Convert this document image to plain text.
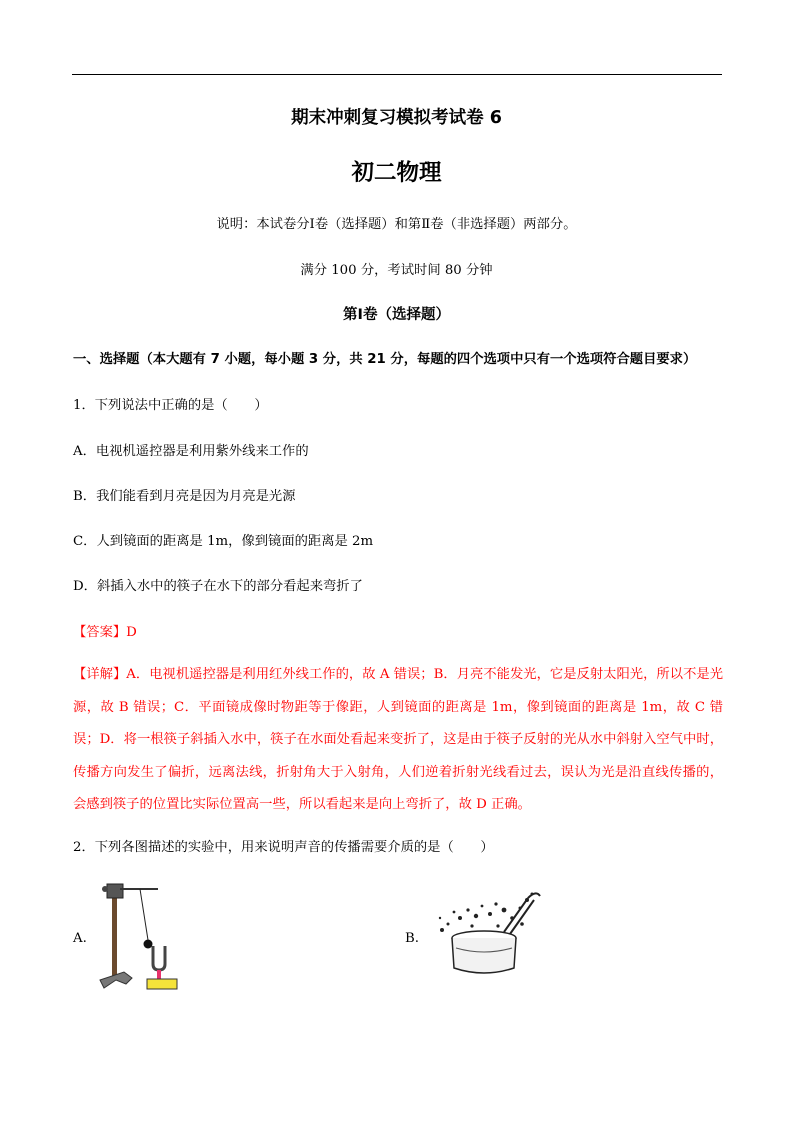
期末冲刺复习模拟考试卷 6
初二物理
说明：本试卷分Ⅰ卷（选择题）和第Ⅱ卷（非选择题）两部分。
满分 100 分，考试时间 80 分钟
第Ⅰ卷（选择题）
一、选择题（本大题有 7 小题，每小题 3 分，共 21 分，每题的四个选项中只有一个选项符合题目要求）
1．下列说法中正确的是（　　）
A．电视机遥控器是利用紫外线来工作的
B．我们能看到月亮是因为月亮是光源
C．人到镜面的距离是 1m，像到镜面的距离是 2m
D．斜插入水中的筷子在水下的部分看起来弯折了
【答案】D
【详解】A．电视机遥控器是利用红外线工作的，故 A 错误；B．月亮不能发光，它是反射太阳光，所以不是光源，故 B 错误；C．平面镜成像时物距等于像距，人到镜面的距离是 1m，像到镜面的距离是 1m，故 C 错误；D．将一根筷子斜插入水中，筷子在水面处看起来变折了，这是由于筷子反射的光从水中斜射入空气中时，传播方向发生了偏折，远离法线，折射角大于入射角，人们逆着折射光线看过去，误认为光是沿直线传播的，会感到筷子的位置比实际位置高一些，所以看起来是向上弯折了，故 D 正确。
2．下列各图描述的实验中，用来说明声音的传播需要介质的是（　　）
A.	B.
